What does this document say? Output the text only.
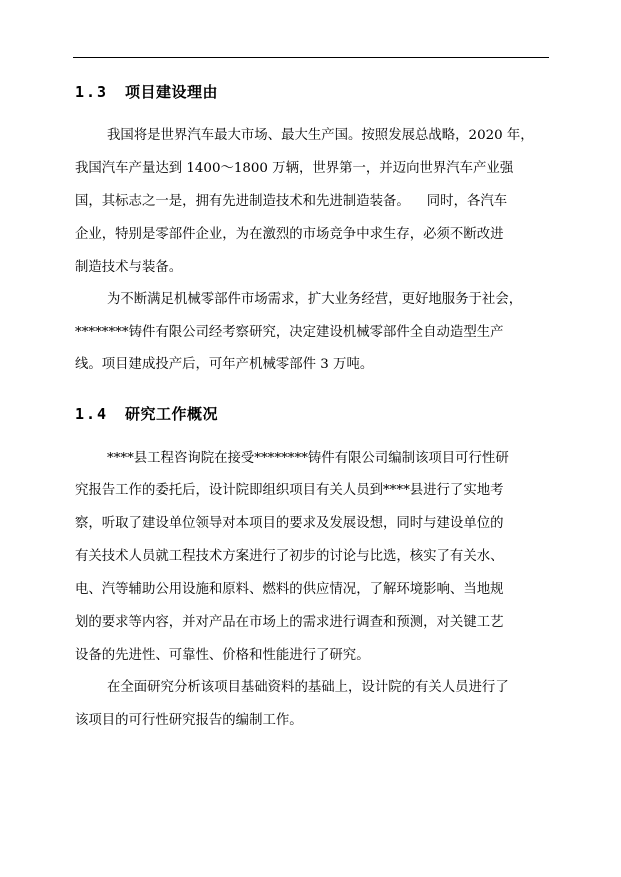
1.3 项目建设理由
我国将是世界汽车最大市场、最大生产国。按照发展总战略，2020 年，
我国汽车产量达到 1400～1800 万辆，世界第一，并迈向世界汽车产业强
国，其标志之一是，拥有先进制造技术和先进制造装备。    同时，各汽车
企业，特别是零部件企业，为在激烈的市场竞争中求生存，必须不断改进
制造技术与装备。
为不断满足机械零部件市场需求，扩大业务经营，更好地服务于社会，
********铸件有限公司经考察研究，决定建设机械零部件全自动造型生产
线。项目建成投产后，可年产机械零部件 3 万吨。
1.4 研究工作概况
****县工程咨询院在接受********铸件有限公司编制该项目可行性研
究报告工作的委托后，设计院即组织项目有关人员到****县进行了实地考
察，听取了建设单位领导对本项目的要求及发展设想，同时与建设单位的
有关技术人员就工程技术方案进行了初步的讨论与比选，核实了有关水、
电、汽等辅助公用设施和原料、燃料的供应情况，了解环境影响、当地规
划的要求等内容，并对产品在市场上的需求进行调查和预测，对关键工艺
设备的先进性、可靠性、价格和性能进行了研究。
在全面研究分析该项目基础资料的基础上，设计院的有关人员进行了
该项目的可行性研究报告的编制工作。
